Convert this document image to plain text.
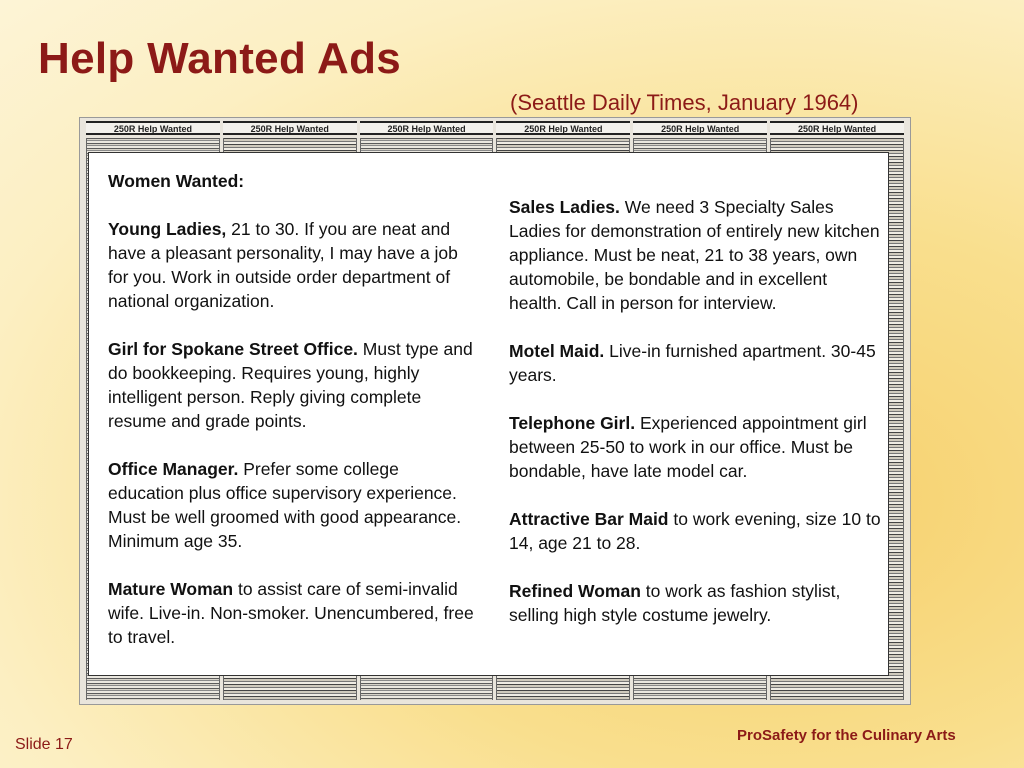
Help Wanted Ads
(Seattle Daily Times, January 1964)
250R Help Wanted	250R Help Wanted	250R Help Wanted	250R Help Wanted	250R Help Wanted	250R Help Wanted
Women Wanted:

Young Ladies, 21 to 30. If you are neat and have a pleasant personality, I may have a job for you. Work in outside order department of national organization.

Girl for Spokane Street Office. Must type and do bookkeeping. Requires young, highly intelligent person. Reply giving complete resume and grade points.

Office Manager. Prefer some college education plus office supervisory experience. Must be well groomed with good appearance. Minimum age 35.

Mature Woman to assist care of semi-invalid wife. Live-in. Non-smoker. Unencumbered, free to travel.

Sales Ladies. We need 3 Specialty Sales Ladies for demonstration of entirely new kitchen appliance. Must be neat, 21 to 38 years, own automobile, be bondable and in excellent health. Call in person for interview.

Motel Maid. Live-in furnished apartment. 30-45 years.

Telephone Girl. Experienced appointment girl between 25-50 to work in our office. Must be bondable, have late model car.

Attractive Bar Maid to work evening, size 10 to 14, age 21 to 28.

Refined Woman to work as fashion stylist, selling high style costume jewelry.

Slide 17
ProSafety for the Culinary Arts
